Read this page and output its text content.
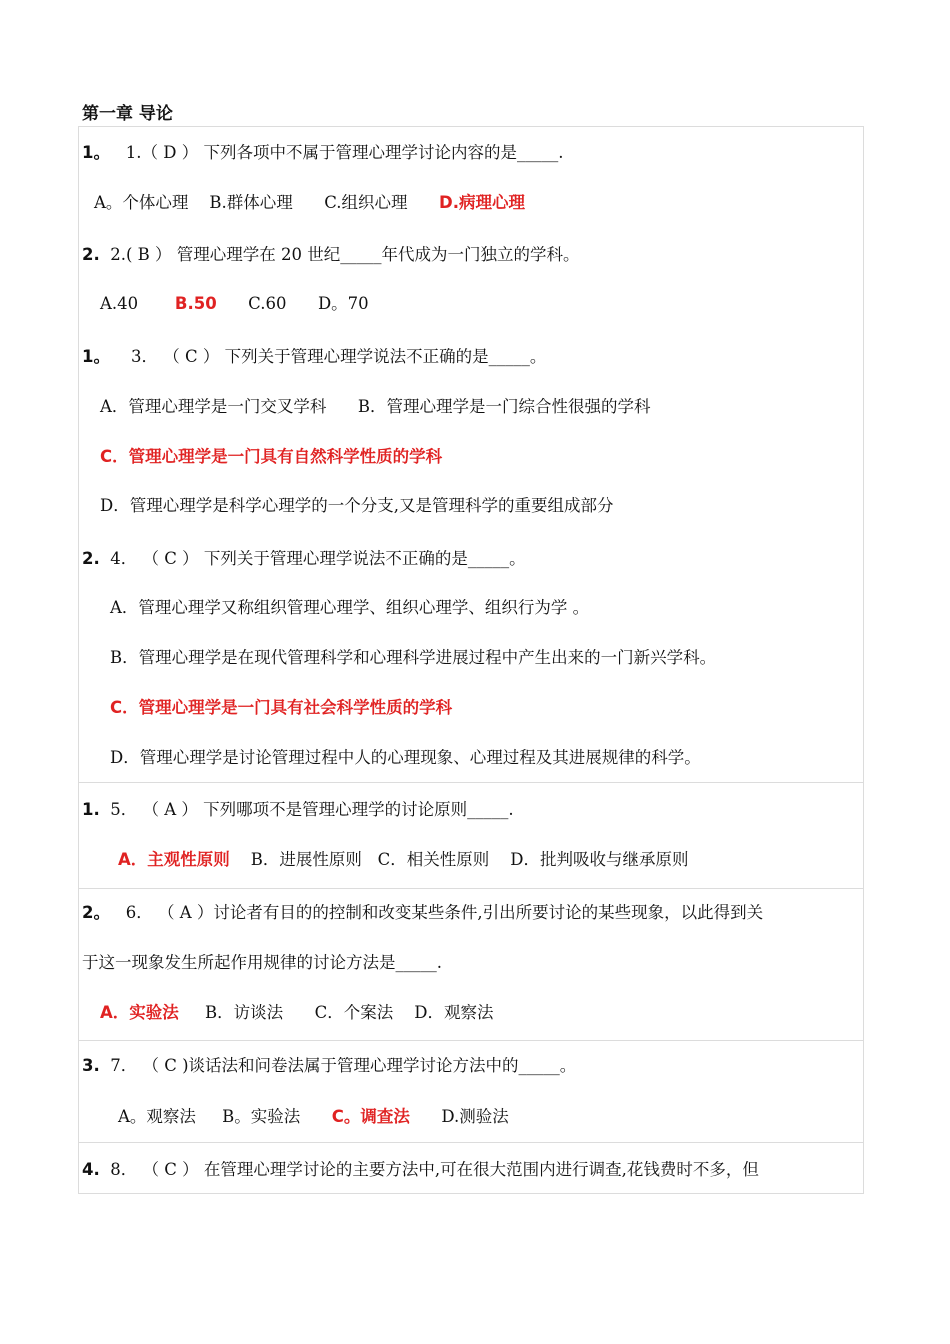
第一章 导论
1。 1.（ D ） 下列各项中不属于管理心理学讨论内容的是_____.
A。个体心理 B.群体心理 C.组织心理 D.病理心理
2. 2.( B ） 管理心理学在 20 世纪_____年代成为一门独立的学科。
A.40 B.50 C.60 D。70
1。 3． （ C ） 下列关于管理心理学说法不正确的是_____。
A．管理心理学是一门交叉学科 B．管理心理学是一门综合性很强的学科
C．管理心理学是一门具有自然科学性质的学科
D．管理心理学是科学心理学的一个分支,又是管理科学的重要组成部分
2. 4． （ C ） 下列关于管理心理学说法不正确的是_____。
A．管理心理学又称组织管理心理学、组织心理学、组织行为学 。
B．管理心理学是在现代管理科学和心理科学进展过程中产生出来的一门新兴学科。
C．管理心理学是一门具有社会科学性质的学科
D．管理心理学是讨论管理过程中人的心理现象、心理过程及其进展规律的科学。
1. 5． （ A ） 下列哪项不是管理心理学的讨论原则_____.
A．主观性原则 B．进展性原则 C．相关性原则 D．批判吸收与继承原则
2。 6． （ A ）讨论者有目的的控制和改变某些条件,引出所要讨论的某些现象，以此得到关
于这一现象发生所起作用规律的讨论方法是_____.
A．实验法 B．访谈法 C．个案法 D．观察法
3. 7． （ C )谈话法和问卷法属于管理心理学讨论方法中的_____。
A。观察法 B。实验法 C。调查法 D.测验法
4. 8． （ C ） 在管理心理学讨论的主要方法中,可在很大范围内进行调查,花钱费时不多，但
